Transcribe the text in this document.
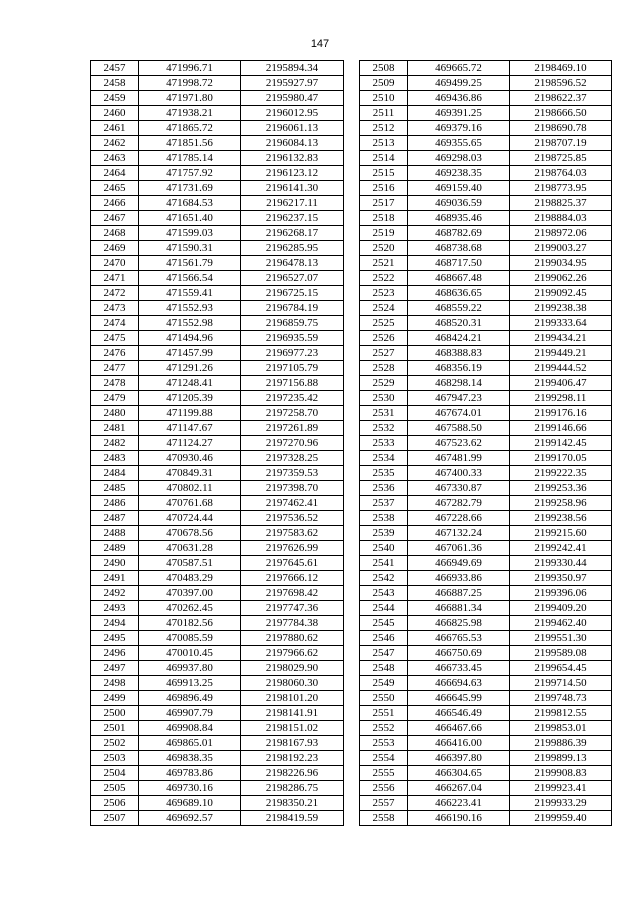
147
2457	471996.71	2195894.34
2458	471998.72	2195927.97
2459	471971.80	2195980.47
2460	471938.21	2196012.95
2461	471865.72	2196061.13
2462	471851.56	2196084.13
2463	471785.14	2196132.83
2464	471757.92	2196123.12
2465	471731.69	2196141.30
2466	471684.53	2196217.11
2467	471651.40	2196237.15
2468	471599.03	2196268.17
2469	471590.31	2196285.95
2470	471561.79	2196478.13
2471	471566.54	2196527.07
2472	471559.41	2196725.15
2473	471552.93	2196784.19
2474	471552.98	2196859.75
2475	471494.96	2196935.59
2476	471457.99	2196977.23
2477	471291.26	2197105.79
2478	471248.41	2197156.88
2479	471205.39	2197235.42
2480	471199.88	2197258.70
2481	471147.67	2197261.89
2482	471124.27	2197270.96
2483	470930.46	2197328.25
2484	470849.31	2197359.53
2485	470802.11	2197398.70
2486	470761.68	2197462.41
2487	470724.44	2197536.52
2488	470678.56	2197583.62
2489	470631.28	2197626.99
2490	470587.51	2197645.61
2491	470483.29	2197666.12
2492	470397.00	2197698.42
2493	470262.45	2197747.36
2494	470182.56	2197784.38
2495	470085.59	2197880.62
2496	470010.45	2197966.62
2497	469937.80	2198029.90
2498	469913.25	2198060.30
2499	469896.49	2198101.20
2500	469907.79	2198141.91
2501	469908.84	2198151.02
2502	469865.01	2198167.93
2503	469838.35	2198192.23
2504	469783.86	2198226.96
2505	469730.16	2198286.75
2506	469689.10	2198350.21
2507	469692.57	2198419.59
2508	469665.72	2198469.10
2509	469499.25	2198596.52
2510	469436.86	2198622.37
2511	469391.25	2198666.50
2512	469379.16	2198690.78
2513	469355.65	2198707.19
2514	469298.03	2198725.85
2515	469238.35	2198764.03
2516	469159.40	2198773.95
2517	469036.59	2198825.37
2518	468935.46	2198884.03
2519	468782.69	2198972.06
2520	468738.68	2199003.27
2521	468717.50	2199034.95
2522	468667.48	2199062.26
2523	468636.65	2199092.45
2524	468559.22	2199238.38
2525	468520.31	2199333.64
2526	468424.21	2199434.21
2527	468388.83	2199449.21
2528	468356.19	2199444.52
2529	468298.14	2199406.47
2530	467947.23	2199298.11
2531	467674.01	2199176.16
2532	467588.50	2199146.66
2533	467523.62	2199142.45
2534	467481.99	2199170.05
2535	467400.33	2199222.35
2536	467330.87	2199253.36
2537	467282.79	2199258.96
2538	467228.66	2199238.56
2539	467132.24	2199215.60
2540	467061.36	2199242.41
2541	466949.69	2199330.44
2542	466933.86	2199350.97
2543	466887.25	2199396.06
2544	466881.34	2199409.20
2545	466825.98	2199462.40
2546	466765.53	2199551.30
2547	466750.69	2199589.08
2548	466733.45	2199654.45
2549	466694.63	2199714.50
2550	466645.99	2199748.73
2551	466546.49	2199812.55
2552	466467.66	2199853.01
2553	466416.00	2199886.39
2554	466397.80	2199899.13
2555	466304.65	2199908.83
2556	466267.04	2199923.41
2557	466223.41	2199933.29
2558	466190.16	2199959.40
